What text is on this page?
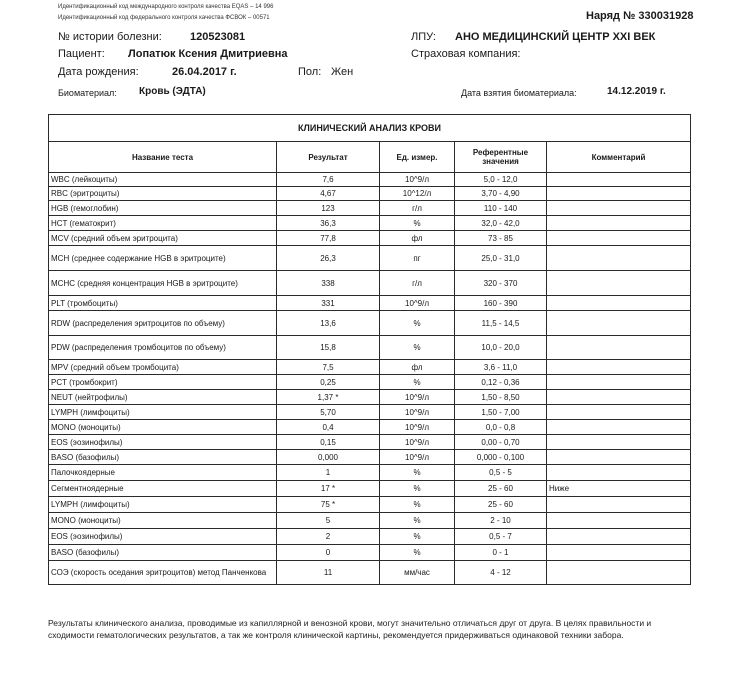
Идентификационный код международного контроля качества EQAS – 14 996
Идентификационный код федерального контроля качества ФСВОК – 00571	Наряд № 330031928
№ истории болезни:	120523081	ЛПУ: АНО МЕДИЦИНСКИЙ ЦЕНТР XXI ВЕК
Пациент: Лопатюк Ксения Дмитриевна	Страховая компания:
Дата рождения:	26.04.2017 г.	Пол: Жен
Биоматериал: Кровь (ЭДТА)	Дата взятия биоматериала:	14.12.2019 г.
КЛИНИЧЕСКИЙ АНАЛИЗ КРОВИ				
Название теста	Результат	Ед. измер.	Референтные значения	Комментарий
WBC (лейкоциты)	7,6	10^9/л	5,0 - 12,0	
RBC (эритроциты)	4,67	10^12/л	3,70 - 4,90	
HGB (гемоглобин)	123	г/л	110 - 140	
HCT (гематокрит)	36,3	%	32,0 - 42,0	
MCV (средний объем эритроцита)	77,8	фл	73 - 85	
MCH (среднее содержание HGB в эритроците)	26,3	пг	25,0 - 31,0	
MCHC (средняя концентрация HGB в эритроците)	338	г/л	320 - 370	
PLT (тромбоциты)	331	10^9/л	160 - 390	
RDW (распределения эритроцитов по объему)	13,6	%	11,5 - 14,5	
PDW (распределения тромбоцитов по объему)	15,8	%	10,0 - 20,0	
MPV (средний объем тромбоцита)	7,5	фл	3,6 - 11,0	
PCT (тромбокрит)	0,25	%	0,12 - 0,36	
NEUT (нейтрофилы)	1,37 *	10^9/л	1,50 - 8,50	
LYMPH (лимфоциты)	5,70	10^9/л	1,50 - 7,00	
MONO (моноциты)	0,4	10^9/л	0,0 - 0,8	
EOS (эозинофилы)	0,15	10^9/л	0,00 - 0,70	
BASO (базофилы)	0,000	10^9/л	0,000 - 0,100	
Палочкоядерные	1	%	0,5 - 5	
Сегментноядерные	17 *	%	25 - 60	Ниже
LYMPH (лимфоциты)	75 *	%	25 - 60	
MONO (моноциты)	5	%	2 - 10	
EOS (эозинофилы)	2	%	0,5 - 7	
BASO (базофилы)	0	%	0 - 1	
СОЭ (скорость оседания эритроцитов) метод Панченкова	11	мм/час	4 - 12	
Результаты клинического анализа, проводимые из капиллярной и венозной крови, могут значительно отличаться друг от друга. В целях правильности и сходимости гематологических результатов, а так же контроля клинической картины, рекомендуется придерживаться одинаковой техники забора.
